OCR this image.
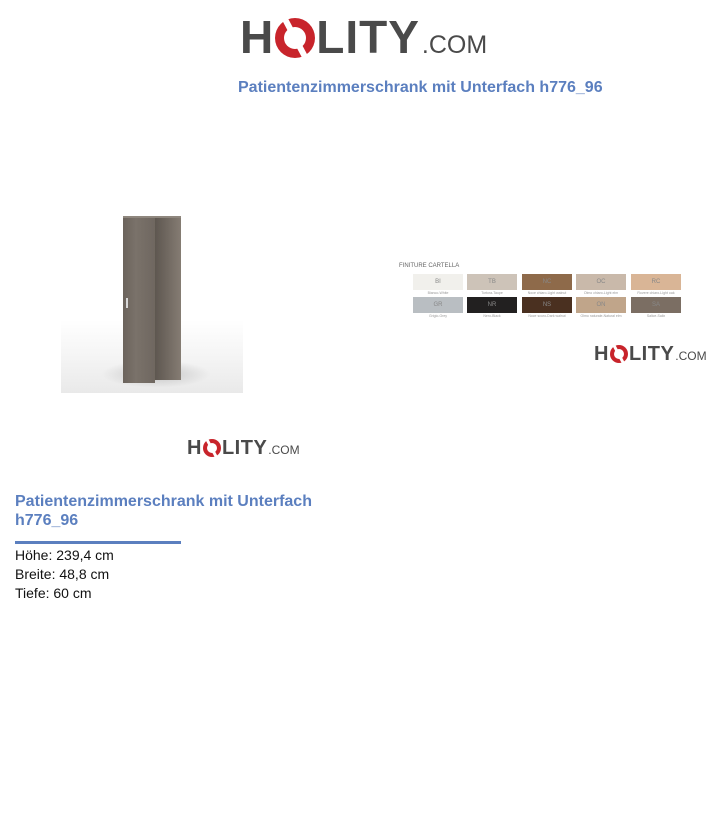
H LITY .COM
Patientenzimmerschrank mit Unterfach h776_96
H LITY .COM
FINITURE CARTELLA
BI
Bianco-White
TB
Tortora-Taupe
NC
Noce chiaro-Light walnut
OC
Olmo chiaro-Light elm
RC
Rovere chiaro-Light oak
GR
Grigio-Grey
NR
Nero-Black
NS
Noce scuro-Dark walnut
ON
Olmo naturale-Natural elm
SA
Salice-Salix
H LITY .COM
Patientenzimmerschrank mit Unterfach h776_96
Höhe: 239,4 cm
Breite: 48,8 cm
Tiefe: 60 cm
